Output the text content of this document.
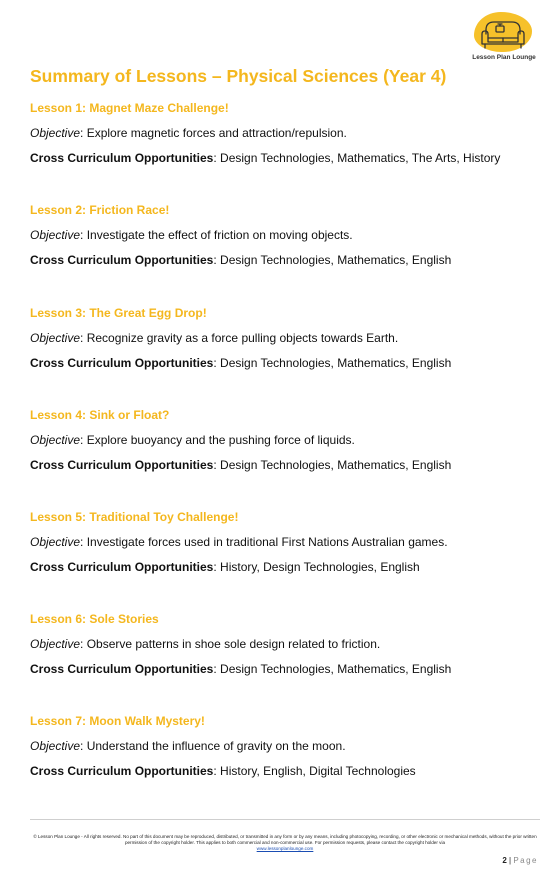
Lesson Plan Lounge
Summary of Lessons – Physical Sciences (Year 4)
Lesson 1: Magnet Maze Challenge!
Objective: Explore magnetic forces and attraction/repulsion.
Cross Curriculum Opportunities: Design Technologies, Mathematics, The Arts, History
Lesson 2: Friction Race!
Objective: Investigate the effect of friction on moving objects.
Cross Curriculum Opportunities: Design Technologies, Mathematics, English
Lesson 3: The Great Egg Drop!
Objective: Recognize gravity as a force pulling objects towards Earth.
Cross Curriculum Opportunities: Design Technologies, Mathematics, English
Lesson 4: Sink or Float?
Objective: Explore buoyancy and the pushing force of liquids.
Cross Curriculum Opportunities: Design Technologies, Mathematics, English
Lesson 5: Traditional Toy Challenge!
Objective: Investigate forces used in traditional First Nations Australian games.
Cross Curriculum Opportunities: History, Design Technologies, English
Lesson 6: Sole Stories
Objective: Observe patterns in shoe sole design related to friction.
Cross Curriculum Opportunities: Design Technologies, Mathematics, English
Lesson 7: Moon Walk Mystery!
Objective: Understand the influence of gravity on the moon.
Cross Curriculum Opportunities: History, English, Digital Technologies
© Lesson Plan Lounge - All rights reserved. No part of this document may be reproduced, distributed, or transmitted in any form or by any means, including photocopying, recording, or other electronic or mechanical methods, without the prior written permission of the copyright holder. This applies to both commercial and non-commercial use. For permission requests, please contact the copyright holder via
www.lessonplanlounge.com
2 | Page
